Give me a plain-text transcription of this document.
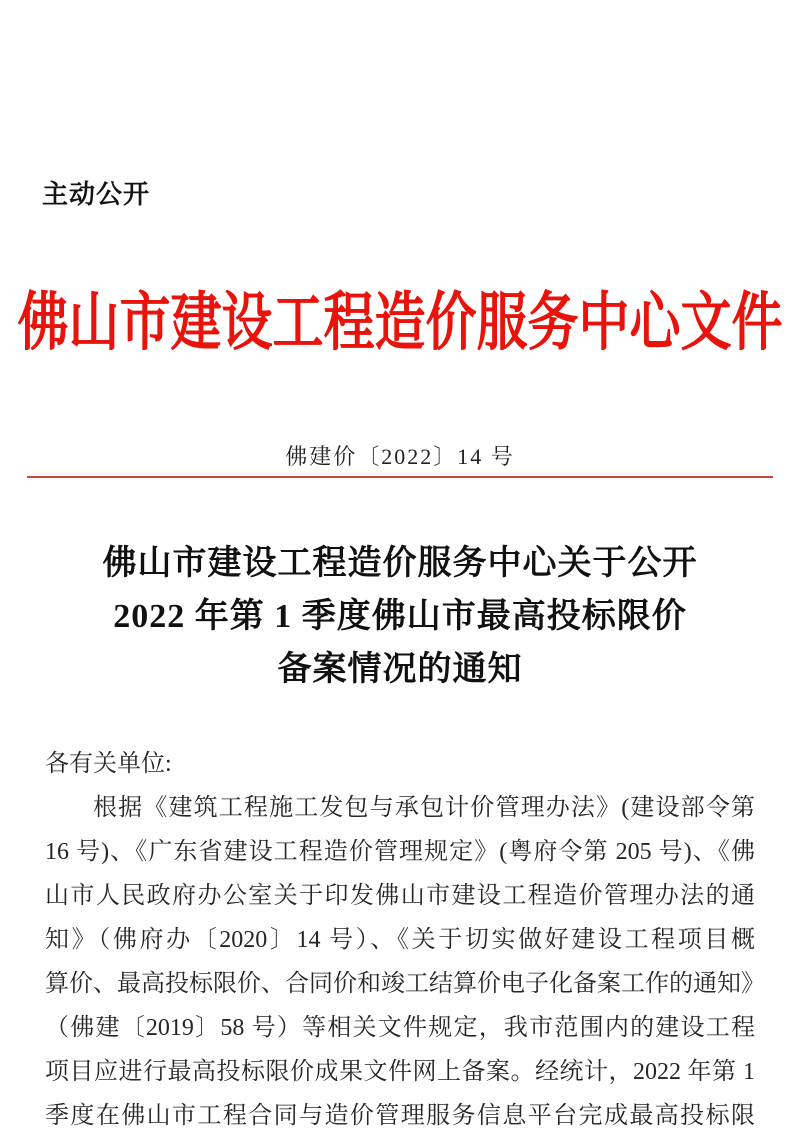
主动公开
佛山市建设工程造价服务中心文件
佛建价〔2022〕14 号
佛山市建设工程造价服务中心关于公开
2022 年第 1 季度佛山市最高投标限价
备案情况的通知
各有关单位:
根据《建筑工程施工发包与承包计价管理办法》(建设部令第
16 号)、《广东省建设工程造价管理规定》(粤府令第 205 号)、《佛
山市人民政府办公室关于印发佛山市建设工程造价管理办法的通
知》（佛府办〔2020〕14 号）、《关于切实做好建设工程项目概
算价、最高投标限价、合同价和竣工结算价电子化备案工作的通知》
（佛建〔2019〕58 号）等相关文件规定，我市范围内的建设工程
项目应进行最高投标限价成果文件网上备案。经统计，2022 年第 1
季度在佛山市工程合同与造价管理服务信息平台完成最高投标限
